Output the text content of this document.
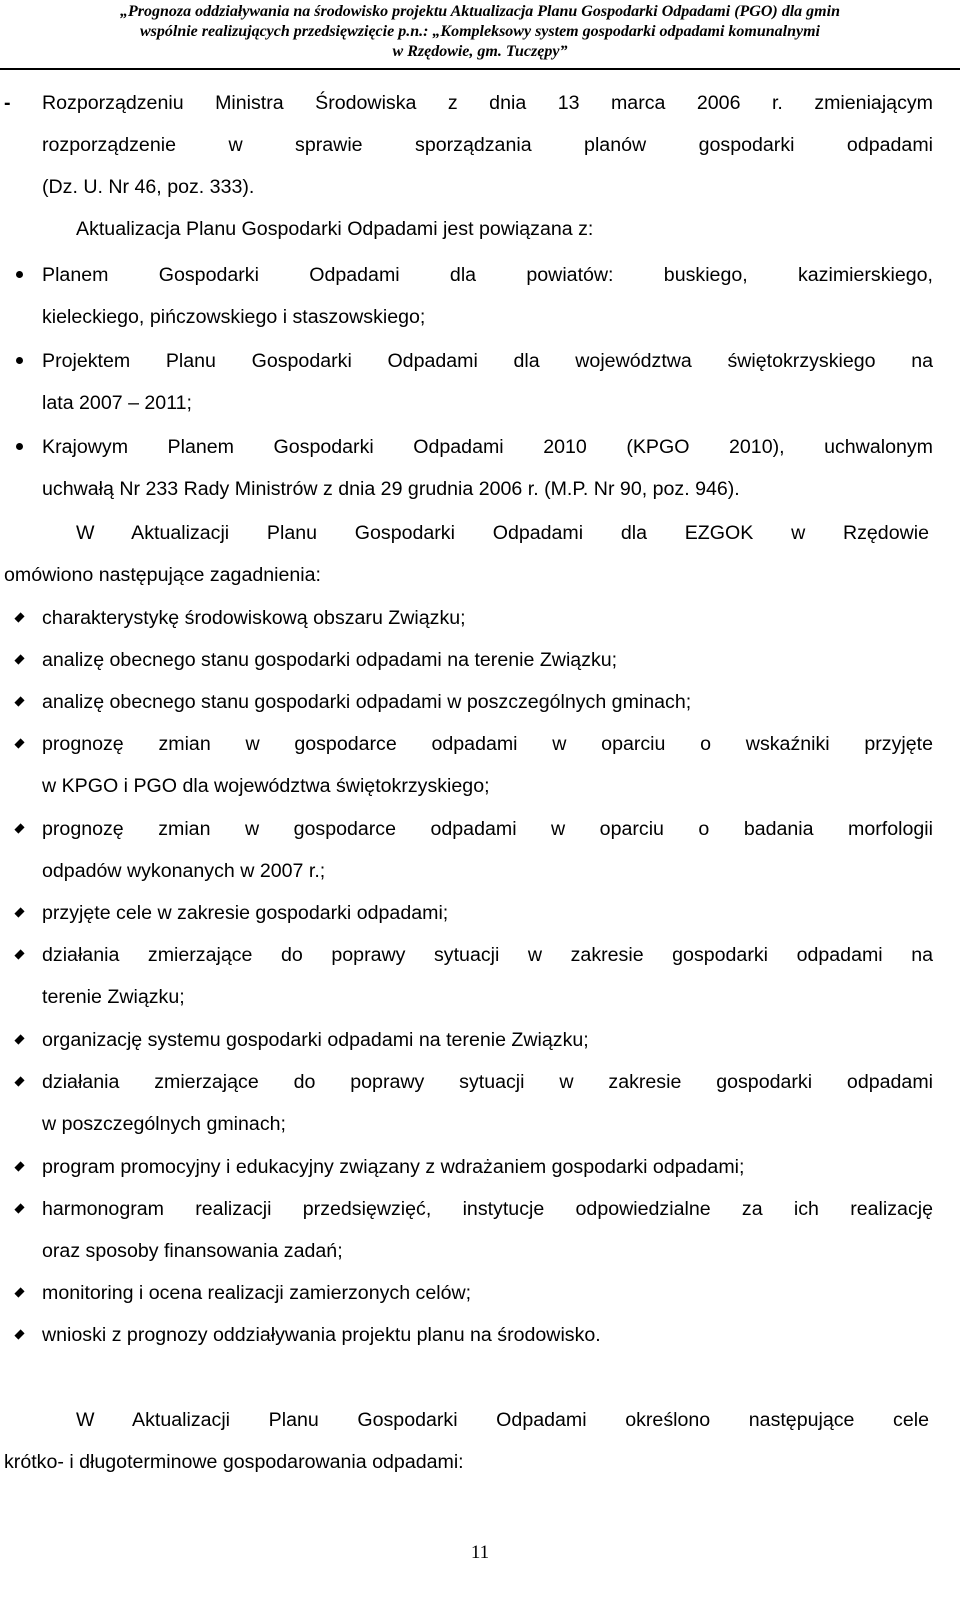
„Prognoza oddziaływania na środowisko projektu Aktualizacja Planu Gospodarki Odpadami (PGO) dla gmin
wspólnie realizujących przedsięwzięcie p.n.: „Kompleksowy system gospodarki odpadami komunalnymi
w Rzędowie, gm. Tuczępy”
-	Rozporządzeniu Ministra Środowiska z dnia 13 marca 2006 r. zmieniającym
rozporządzenie w sprawie sporządzania planów gospodarki odpadami
(Dz. U. Nr 46, poz. 333).
Aktualizacja Planu Gospodarki Odpadami jest powiązana z:
Planem Gospodarki Odpadami dla powiatów: buskiego, kazimierskiego,
kieleckiego, pińczowskiego i staszowskiego;
Projektem Planu Gospodarki Odpadami dla województwa świętokrzyskiego na
lata 2007 – 2011;
Krajowym Planem Gospodarki Odpadami 2010 (KPGO 2010), uchwalonym
uchwałą Nr 233 Rady Ministrów z dnia 29 grudnia 2006 r. (M.P. Nr 90, poz. 946).
W Aktualizacji Planu Gospodarki Odpadami dla EZGOK w Rzędowie
omówiono następujące zagadnienia:
charakterystykę środowiskową obszaru Związku;
analizę obecnego stanu gospodarki odpadami na terenie Związku;
analizę obecnego stanu gospodarki odpadami w poszczególnych gminach;
prognozę zmian w gospodarce odpadami w oparciu o wskaźniki przyjęte
w KPGO i PGO dla województwa świętokrzyskiego;
prognozę zmian w gospodarce odpadami w oparciu o badania morfologii
odpadów wykonanych w 2007 r.;
przyjęte cele w zakresie gospodarki odpadami;
działania zmierzające do poprawy sytuacji w zakresie gospodarki odpadami na
terenie Związku;
organizację systemu gospodarki odpadami na terenie Związku;
działania zmierzające do poprawy sytuacji w zakresie gospodarki odpadami
w poszczególnych gminach;
program promocyjny i edukacyjny związany z wdrażaniem gospodarki odpadami;
harmonogram realizacji przedsięwzięć, instytucje odpowiedzialne za ich realizację
oraz sposoby finansowania zadań;
monitoring i ocena realizacji zamierzonych celów;
wnioski z prognozy oddziaływania projektu planu na środowisko.
W Aktualizacji Planu Gospodarki Odpadami określono następujące cele
krótko- i długoterminowe gospodarowania odpadami:
11
